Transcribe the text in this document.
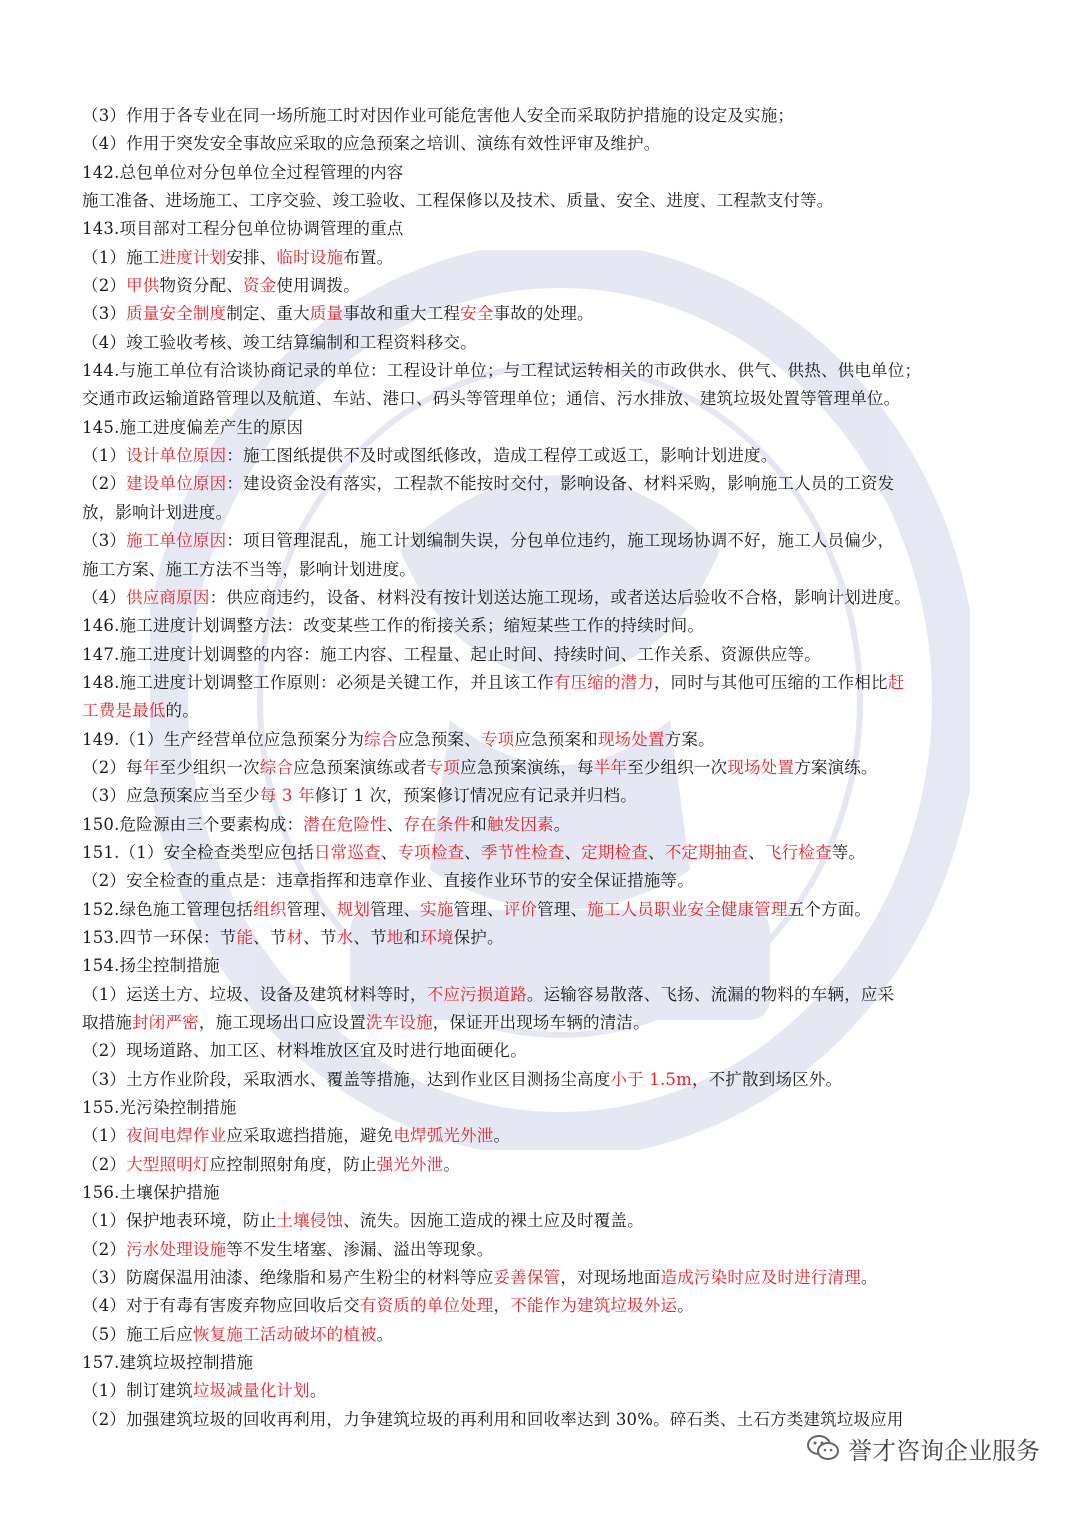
（3）作用于各专业在同一场所施工时对因作业可能危害他人安全而采取防护措施的设定及实施；
（4）作用于突发安全事故应采取的应急预案之培训、演练有效性评审及维护。
142.总包单位对分包单位全过程管理的内容
施工准备、进场施工、工序交验、竣工验收、工程保修以及技术、质量、安全、进度、工程款支付等。
143.项目部对工程分包单位协调管理的重点
（1）施工进度计划安排、临时设施布置。
（2）甲供物资分配、资金使用调拨。
（3）质量安全制度制定、重大质量事故和重大工程安全事故的处理。
（4）竣工验收考核、竣工结算编制和工程资料移交。
144.与施工单位有洽谈协商记录的单位：工程设计单位；与工程试运转相关的市政供水、供气、供热、供电单位；
交通市政运输道路管理以及航道、车站、港口、码头等管理单位；通信、污水排放、建筑垃圾处置等管理单位。
145.施工进度偏差产生的原因
（1）设计单位原因：施工图纸提供不及时或图纸修改，造成工程停工或返工，影响计划进度。
（2）建设单位原因：建设资金没有落实，工程款不能按时交付，影响设备、材料采购，影响施工人员的工资发
放，影响计划进度。
（3）施工单位原因：项目管理混乱，施工计划编制失误，分包单位违约，施工现场协调不好，施工人员偏少，
施工方案、施工方法不当等，影响计划进度。
（4）供应商原因：供应商违约，设备、材料没有按计划送达施工现场，或者送达后验收不合格，影响计划进度。
146.施工进度计划调整方法：改变某些工作的衔接关系；缩短某些工作的持续时间。
147.施工进度计划调整的内容：施工内容、工程量、起止时间、持续时间、工作关系、资源供应等。
148.施工进度计划调整工作原则：必须是关键工作，并且该工作有压缩的潜力，同时与其他可压缩的工作相比赶
工费是最低的。
149.（1）生产经营单位应急预案分为综合应急预案、专项应急预案和现场处置方案。
（2）每年至少组织一次综合应急预案演练或者专项应急预案演练，每半年至少组织一次现场处置方案演练。
（3）应急预案应当至少每 3 年修订 1 次，预案修订情况应有记录并归档。
150.危险源由三个要素构成：潜在危险性、存在条件和触发因素。
151.（1）安全检查类型应包括日常巡查、专项检查、季节性检查、定期检查、不定期抽查、飞行检查等。
（2）安全检查的重点是：违章指挥和违章作业、直接作业环节的安全保证措施等。
152.绿色施工管理包括组织管理、规划管理、实施管理、评价管理、施工人员职业安全健康管理五个方面。
153.四节一环保：节能、节材、节水、节地和环境保护。
154.扬尘控制措施
（1）运送土方、垃圾、设备及建筑材料等时，不应污损道路。运输容易散落、飞扬、流漏的物料的车辆，应采
取措施封闭严密，施工现场出口应设置洗车设施，保证开出现场车辆的清洁。
（2）现场道路、加工区、材料堆放区宜及时进行地面硬化。
（3）土方作业阶段，采取洒水、覆盖等措施，达到作业区目测扬尘高度小于 1.5m，不扩散到场区外。
155.光污染控制措施
（1）夜间电焊作业应采取遮挡措施，避免电焊弧光外泄。
（2）大型照明灯应控制照射角度，防止强光外泄。
156.土壤保护措施
（1）保护地表环境，防止土壤侵蚀、流失。因施工造成的裸土应及时覆盖。
（2）污水处理设施等不发生堵塞、渗漏、溢出等现象。
（3）防腐保温用油漆、绝缘脂和易产生粉尘的材料等应妥善保管，对现场地面造成污染时应及时进行清理。
（4）对于有毒有害废弃物应回收后交有资质的单位处理，不能作为建筑垃圾外运。
（5）施工后应恢复施工活动破坏的植被。
157.建筑垃圾控制措施
（1）制订建筑垃圾减量化计划。
（2）加强建筑垃圾的回收再利用，力争建筑垃圾的再利用和回收率达到 30%。碎石类、土石方类建筑垃圾应用
誉才咨询企业服务
